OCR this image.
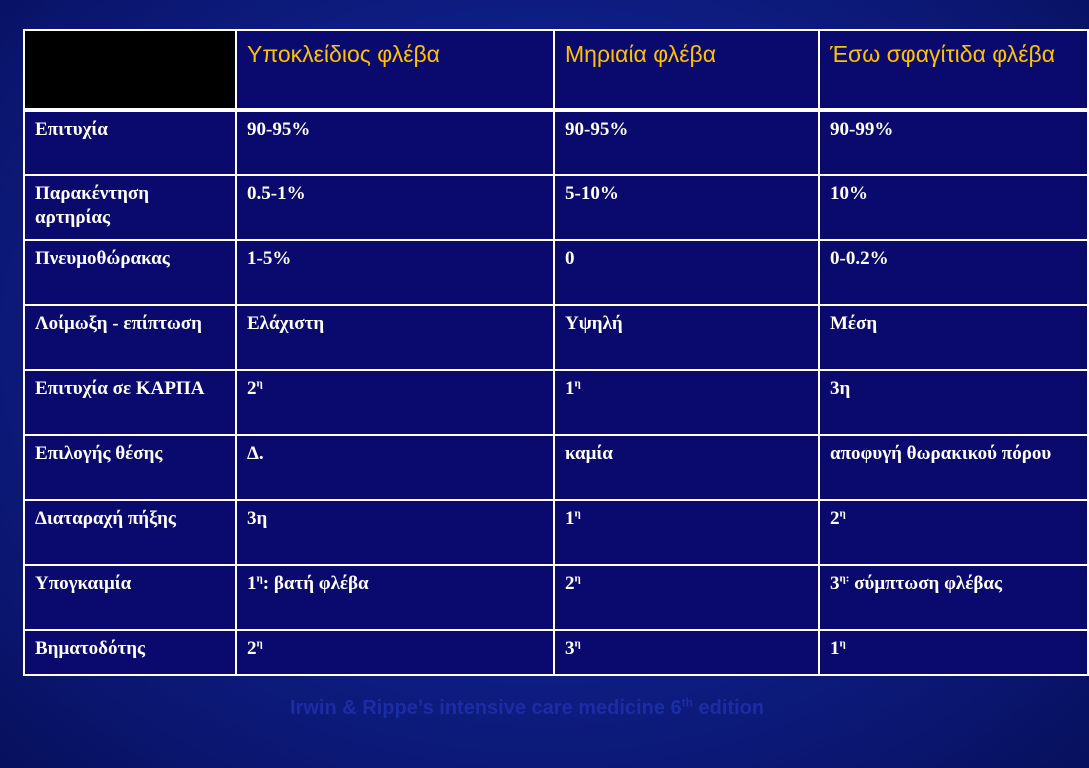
	Υποκλείδιος φλέβα	Μηριαία φλέβα	Έσω σφαγίτιδα φλέβα
Επιτυχία	90-95%	90-95%	90-99%
Παρακέντηση αρτηρίας	0.5-1%	5-10%	10%
Πνευμοθώρακας	1-5%	0	0-0.2%
Λοίμωξη - επίπτωση	Ελάχιστη	Υψηλή	Μέση
Επιτυχία σε ΚΑΡΠΑ	$2^\eta$	$1^\eta$	3η
Επιλογής θέσης	Δ.	καμία	αποφυγή θωρακικού πόρου
Διαταραχή πήξης	3η	$1^\eta$	$2^\eta$
Υπογκαιμία	$1^\eta$: βατή φλέβα	$2^\eta$	$3^{\eta:}$ σύμπτωση φλέβας
Βηματοδότης	$2^\eta$	$3^\eta$	$1^\eta$
Irwin & Rippe’s intensive care medicine 6th edition
